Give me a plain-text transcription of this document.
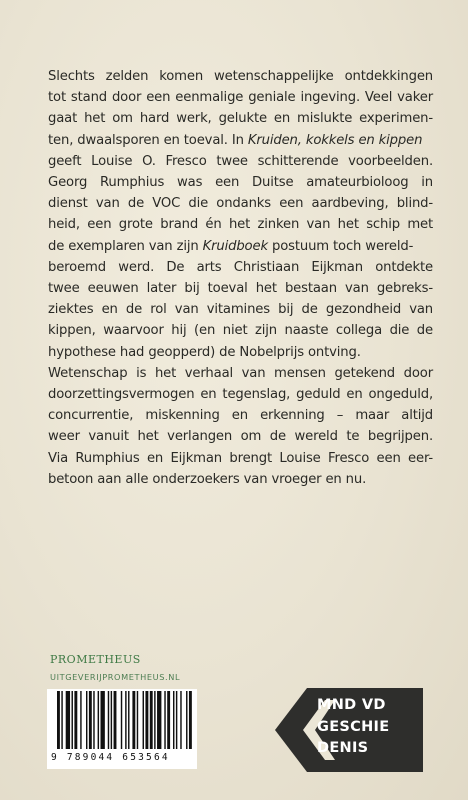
Slechts zelden komen wetenschappelijke ontdekkingen
tot stand door een eenmalige geniale ingeving. Veel vaker
gaat het om hard werk, gelukte en mislukte experimen-
ten, dwaalsporen en toeval. In Kruiden, kokkels en kippen
geeft Louise O. Fresco twee schitterende voorbeelden.
Georg Rumphius was een Duitse amateurbioloog in
dienst van de VOC die ondanks een aardbeving, blind-
heid, een grote brand én het zinken van het schip met
de exemplaren van zijn Kruidboek postuum toch wereld-
beroemd werd. De arts Christiaan Eijkman ontdekte
twee eeuwen later bij toeval het bestaan van gebreks-
ziektes en de rol van vitamines bij de gezondheid van
kippen, waarvoor hij (en niet zijn naaste collega die de
hypothese had geopperd) de Nobelprijs ontving.
Wetenschap is het verhaal van mensen getekend door
doorzettingsvermogen en tegenslag, geduld en ongeduld,
concurrentie, miskenning en erkenning – maar altijd
weer vanuit het verlangen om de wereld te begrijpen.
Via Rumphius en Eijkman brengt Louise Fresco een eer-
betoon aan alle onderzoekers van vroeger en nu.
PROMETHEUS
UITGEVERIJPROMETHEUS.NL
9 789044 653564
MND VD
GESCHIE
DENIS
